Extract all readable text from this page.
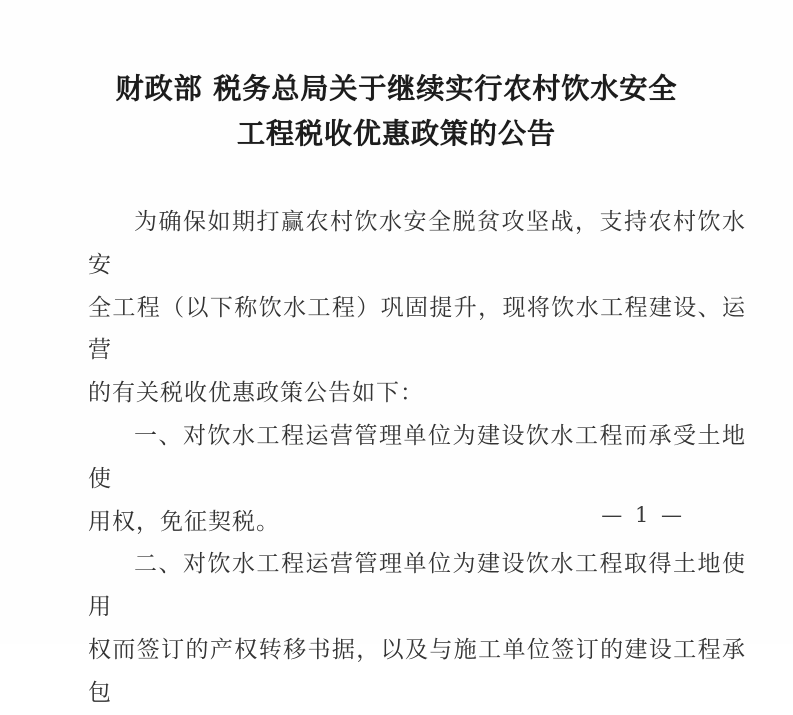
财政部 税务总局关于继续实行农村饮水安全
工程税收优惠政策的公告
为确保如期打赢农村饮水安全脱贫攻坚战，支持农村饮水安
全工程（以下称饮水工程）巩固提升，现将饮水工程建设、运营
的有关税收优惠政策公告如下：
一、对饮水工程运营管理单位为建设饮水工程而承受土地使
用权，免征契税。
二、对饮水工程运营管理单位为建设饮水工程取得土地使用
权而签订的产权转移书据，以及与施工单位签订的建设工程承包
— 1 —
